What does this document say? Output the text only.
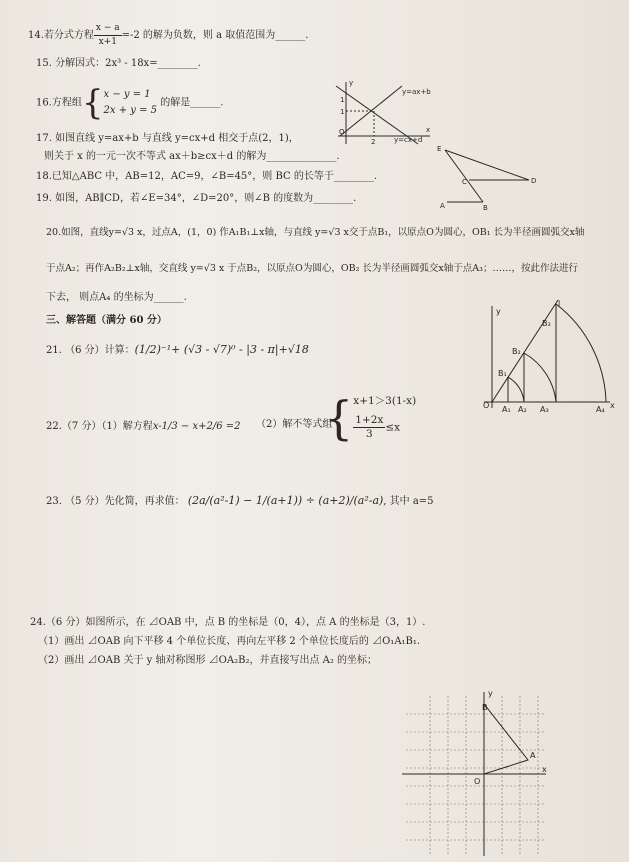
14.若分式方程 $\frac{x - a}{x+1} =-2$ 的解为负数，则 a 取值范围为______.
15. 分解因式：2x³ - 18x=________.
16.方程组{ x − y = 1
2x + y = 5
的解是______.
y=ax+b
y=cx+d
y
x
O
1
1
2
17. 如图直线 y=ax+b 与直线 y=cx+d 相交于点(2，1)，
则关于 x 的一元一次不等式 ax＋b≥cx＋d 的解为______________.
18.已知△ABC 中，AB=12，AC=9，∠B=45°，则 BC 的长等于________.
E
C	D
A	B
19. 如图，AB∥CD，若∠E=34°，∠D=20°，则∠B 的度数为________.
20.如图，直线y=√3 x，过点A，(1，0) 作A₁B₁⊥x轴，与直线 y=√3 x交于点B₁，以原点O为圆心，OB₁ 长为半径画圆弧交x轴
于点A₂；再作A₂B₂⊥x轴，交直线 y=√3 x 于点B₂，以原点O为圆心，OB₂ 长为半径画圆弧交x轴于点A₃；……，按此作法进行
下去， 则点A₄ 的坐标为______.
三、解答题（满分 60 分）
l
y
x
O
B₁
B₂
B₃
A₁ A₂ A₃	A₄
21. （6 分）计算：(1/2)⁻¹+ (√3 - √7)⁰ - |3 - π|+√18
22.（7 分）（1）解方程x-1/3 − x+2/6 =2 （2）解不等式组
{ x+1＞3(1-x)
$\frac{1+2x}{3} \le x$
23. （5 分）先化简，再求值： (2a/(a²-1) − 1/(a+1)) ÷ (a+2)/(a²-a), 其中 a=5
24.（6 分）如图所示，在 ⊿OAB 中，点 B 的坐标是（0，4），点 A 的坐标是（3，1）.
（1）画出 ⊿OAB 向下平移 4 个单位长度、再向左平移 2 个单位长度后的 ⊿O₁A₁B₁.
（2）画出 ⊿OAB 关于 y 轴对称图形 ⊿OA₂B₂，并直接写出点 A₂ 的坐标；
y
x
O
A
B
